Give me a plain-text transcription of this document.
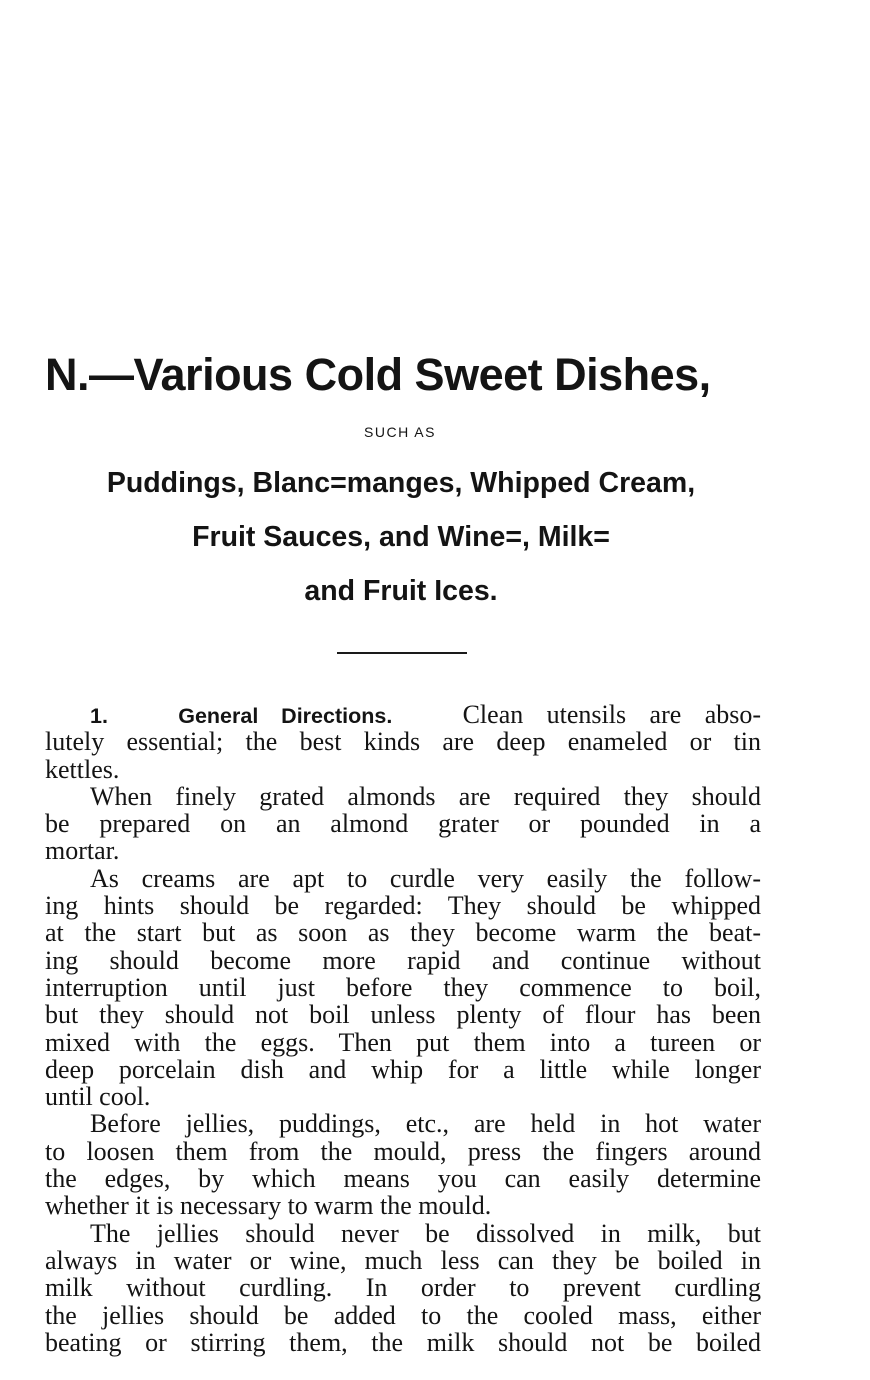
N.—Various Cold Sweet Dishes,
SUCH AS
Puddings, Blanc=manges, Whipped Cream,
Fruit Sauces, and Wine=, Milk=
and Fruit Ices.
1.	General Directions.	Clean utensils are abso-
lutely essential; the best kinds are deep enameled or tin
kettles.
When finely grated almonds are required they should
be prepared on an almond grater or pounded in a
mortar.
As creams are apt to curdle very easily the follow-
ing hints should be regarded: They should be whipped
at the start but as soon as they become warm the beat-
ing should become more rapid and continue without
interruption until just before they commence to boil,
but they should not boil unless plenty of flour has been
mixed with the eggs. Then put them into a tureen or
deep porcelain dish and whip for a little while longer
until cool.
Before jellies, puddings, etc., are held in hot water
to loosen them from the mould, press the fingers around
the edges, by which means you can easily determine
whether it is necessary to warm the mould.
The jellies should never be dissolved in milk, but
always in water or wine, much less can they be boiled in
milk without curdling. In order to prevent curdling
the jellies should be added to the cooled mass, either
beating or stirring them, the milk should not be boiled
